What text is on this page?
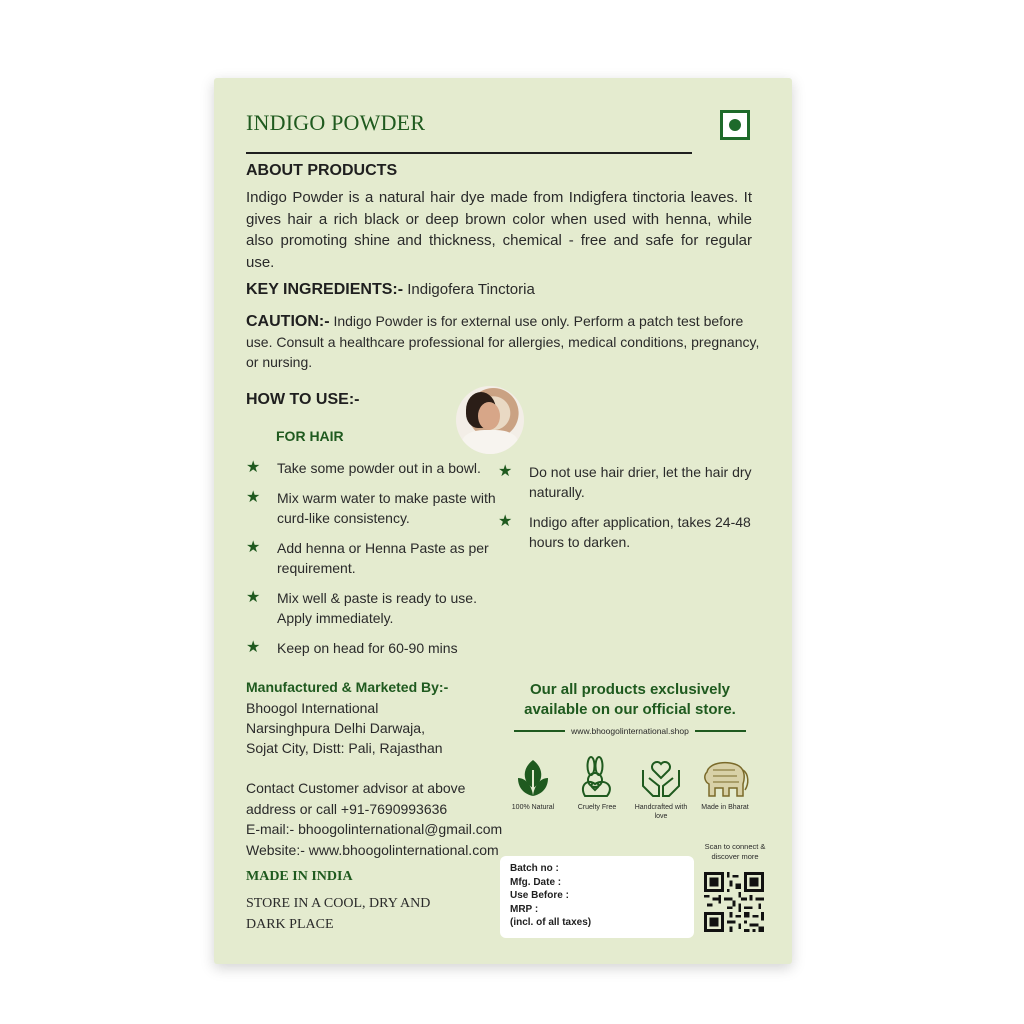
INDIGO POWDER
ABOUT PRODUCTS
Indigo Powder is a natural hair dye made from Indigfera tinctoria leaves. It gives hair a rich black or deep brown color when used with henna, while also promoting shine and thickness, chemical - free and safe for regular use.
KEY INGREDIENTS:- Indigofera Tinctoria
CAUTION:- Indigo Powder is for external use only. Perform a patch test before use. Consult a healthcare professional for allergies, medical conditions, pregnancy, or nursing.
HOW TO USE:-
FOR HAIR
★ Take some powder out in a bowl.
★ Mix warm water to make paste with curd-like consistency.
★ Add henna or Henna Paste as per requirement.
★ Mix well & paste is ready to use. Apply immediately.
★ Keep on head for 60-90 mins
★ Do not use hair drier, let the hair dry naturally.
★ Indigo after application, takes 24-48 hours to darken.
Manufactured & Marketed By:-
Bhoogol International
Narsinghpura Delhi Darwaja,
Sojat City, Distt: Pali, Rajasthan
Contact Customer advisor at above
address or call +91-7690993636
E-mail:- bhoogolinternational@gmail.com
Website:- www.bhoogolinternational.com
MADE IN INDIA
STORE IN A COOL, DRY AND DARK PLACE
Our all products exclusively available on our official store.
www.bhoogolinternational.shop
100% Natural	Cruelty Free	Handcrafted with love
Made in Bharat
Batch no :
Mfg. Date :
Use Before :
MRP :
(incl. of all taxes)
Scan to connect & discover more
